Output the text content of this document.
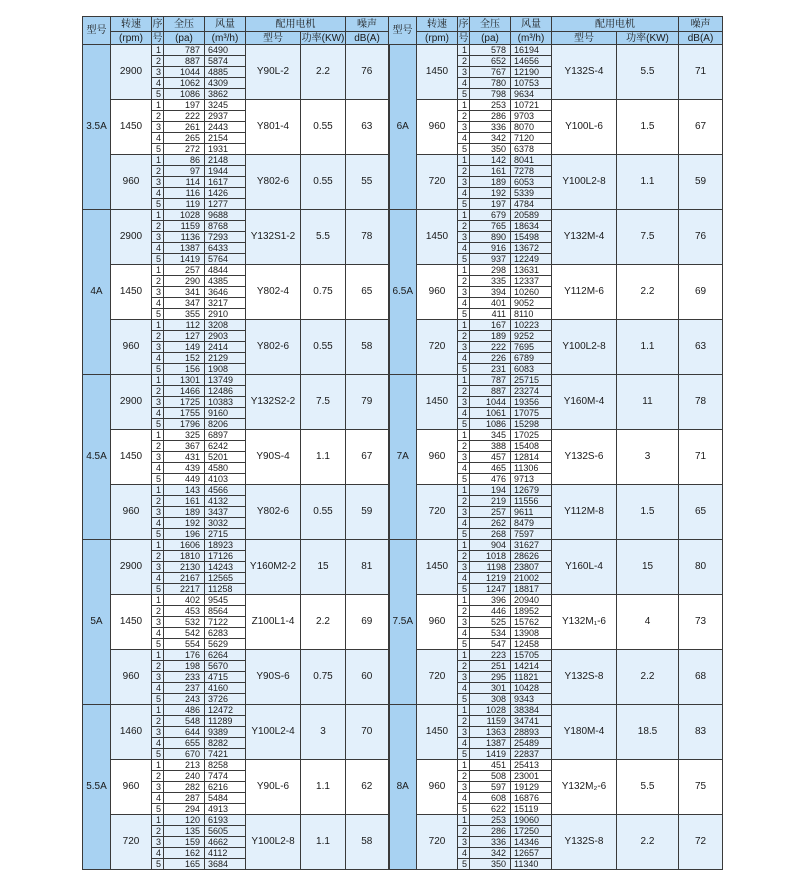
型号	转速	序	全压	风量	配用电机		噪声	型号	转速	序	全压	风量	配用电机		噪声
	(rpm)	号	(pa)	(m³/h)	型号	功率(KW)	dB(A)		(rpm)	号	(pa)	(m³/h)	型号	功率(KW)	dB(A)
3.5A	2900	1	787	6490	Y90L-2	2.2	76	6A	1450	1	578	16194	Y132S-4	5.5	71
		2	887	5874						2	652	14656			
		3	1044	4885						3	767	12190			
		4	1062	4309						4	780	10753			
		5	1086	3862						5	798	9634			
	1450	1	197	3245	Y801-4	0.55	63		960	1	253	10721	Y100L-6	1.5	67
		2	222	2937						2	286	9703			
		3	261	2443						3	336	8070			
		4	265	2154						4	342	7120			
		5	272	1931						5	350	6378			
	960	1	86	2148	Y802-6	0.55	55		720	1	142	8041	Y100L2-8	1.1	59
		2	97	1944						2	161	7278			
		3	114	1617						3	189	6053			
		4	116	1426						4	192	5339			
		5	119	1277						5	197	4784			
4A	2900	1	1028	9688	Y132S1-2	5.5	78	6.5A	1450	1	679	20589	Y132M-4	7.5	76
		2	1159	8768						2	765	18634			
		3	1136	7293						3	890	15498			
		4	1387	6433						4	916	13672			
		5	1419	5764						5	937	12249			
	1450	1	257	4844	Y802-4	0.75	65		960	1	298	13631	Y112M-6	2.2	69
		2	290	4385						2	335	12337			
		3	341	3646						3	394	10260			
		4	347	3217						4	401	9052			
		5	355	2910						5	411	8110			
	960	1	112	3208	Y802-6	0.55	58		720	1	167	10223	Y100L2-8	1.1	63
		2	127	2903						2	189	9252			
		3	149	2414						3	222	7695			
		4	152	2129						4	226	6789			
		5	156	1908						5	231	6083			
4.5A	2900	1	1301	13749	Y132S2-2	7.5	79	7A	1450	1	787	25715	Y160M-4	11	78
		2	1466	12486						2	887	23274			
		3	1725	10383						3	1044	19356			
		4	1755	9160						4	1061	17075			
		5	1796	8206						5	1086	15298			
	1450	1	325	6897	Y90S-4	1.1	67		960	1	345	17025	Y132S-6	3	71
		2	367	6242						2	388	15408			
		3	431	5201						3	457	12814			
		4	439	4580						4	465	11306			
		5	449	4103						5	476	9713			
	960	1	143	4566	Y802-6	0.55	59		720	1	194	12679	Y112M-8	1.5	65
		2	161	4132						2	219	11556			
		3	189	3437						3	257	9611			
		4	192	3032						4	262	8479			
		5	196	2715						5	268	7597			
5A	2900	1	1606	18923	Y160M2-2	15	81	7.5A	1450	1	904	31627	Y160L-4	15	80
		2	1810	17126						2	1018	28626			
		3	2130	14243						3	1198	23807			
		4	2167	12565						4	1219	21002			
		5	2217	11258						5	1247	18817			
	1450	1	402	9545	Z100L1-4	2.2	69		960	1	396	20940	Y132M₁-6	4	73
		2	453	8564						2	446	18952			
		3	532	7122						3	525	15762			
		4	542	6283						4	534	13908			
		5	554	5629						5	547	12458			
	960	1	176	6264	Y90S-6	0.75	60		720	1	223	15705	Y132S-8	2.2	68
		2	198	5670						2	251	14214			
		3	233	4715						3	295	11821			
		4	237	4160						4	301	10428			
		5	243	3726						5	308	9343			
5.5A	1460	1	486	12472	Y100L2-4	3	70	8A	1450	1	1028	38384	Y180M-4	18.5	83
		2	548	11289						2	1159	34741			
		3	644	9389						3	1363	28893			
		4	655	8282						4	1387	25489			
		5	670	7421						5	1419	22837			
	960	1	213	8258	Y90L-6	1.1	62		960	1	451	25413	Y132M₂-6	5.5	75
		2	240	7474						2	508	23001			
		3	282	6216						3	597	19129			
		4	287	5484						4	608	16876			
		5	294	4913						5	622	15119			
	720	1	120	6193	Y100L2-8	1.1	58		720	1	253	19060	Y132S-8	2.2	72
		2	135	5605						2	286	17250			
		3	159	4662						3	336	14346			
		4	162	4112						4	342	12657			
		5	165	3684						5	350	11340			
